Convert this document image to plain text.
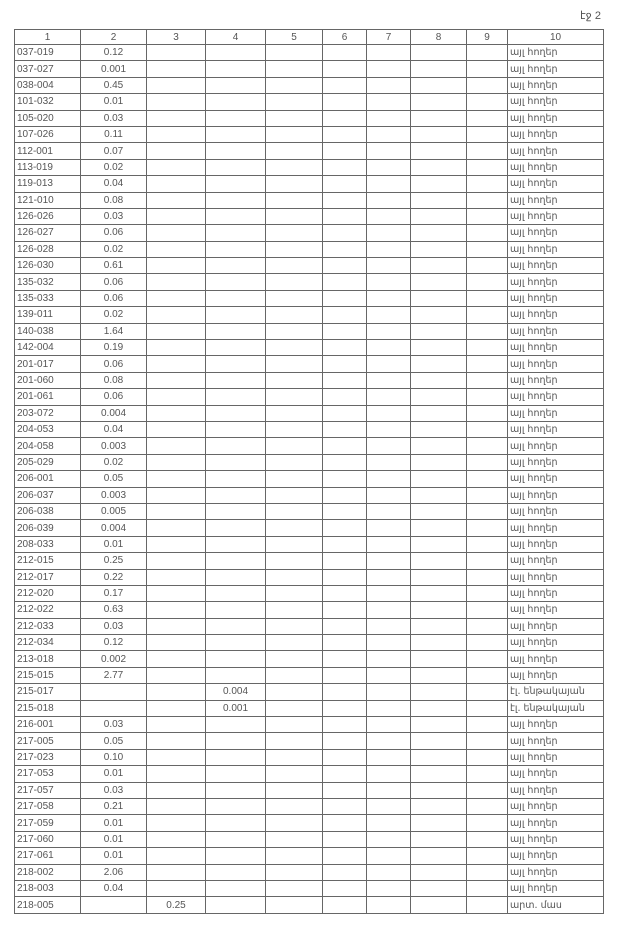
էջ 2
1	2	3	4	5	6	7	8	9	10
037-019	0.12								այլ հողեր
037-027	0.001								այլ հողեր
038-004	0.45								այլ հողեր
101-032	0.01								այլ հողեր
105-020	0.03								այլ հողեր
107-026	0.11								այլ հողեր
112-001	0.07								այլ հողեր
113-019	0.02								այլ հողեր
119-013	0.04								այլ հողեր
121-010	0.08								այլ հողեր
126-026	0.03								այլ հողեր
126-027	0.06								այլ հողեր
126-028	0.02								այլ հողեր
126-030	0.61								այլ հողեր
135-032	0.06								այլ հողեր
135-033	0.06								այլ հողեր
139-011	0.02								այլ հողեր
140-038	1.64								այլ հողեր
142-004	0.19								այլ հողեր
201-017	0.06								այլ հողեր
201-060	0.08								այլ հողեր
201-061	0.06								այլ հողեր
203-072	0.004								այլ հողեր
204-053	0.04								այլ հողեր
204-058	0.003								այլ հողեր
205-029	0.02								այլ հողեր
206-001	0.05								այլ հողեր
206-037	0.003								այլ հողեր
206-038	0.005								այլ հողեր
206-039	0.004								այլ հողեր
208-033	0.01								այլ հողեր
212-015	0.25								այլ հողեր
212-017	0.22								այլ հողեր
212-020	0.17								այլ հողեր
212-022	0.63								այլ հողեր
212-033	0.03								այլ հողեր
212-034	0.12								այլ հողեր
213-018	0.002								այլ հողեր
215-015	2.77								այլ հողեր
215-017			0.004						էլ. ենթակայան
215-018			0.001						էլ. ենթակայան
216-001	0.03								այլ հողեր
217-005	0.05								այլ հողեր
217-023	0.10								այլ հողեր
217-053	0.01								այլ հողեր
217-057	0.03								այլ հողեր
217-058	0.21								այլ հողեր
217-059	0.01								այլ հողեր
217-060	0.01								այլ հողեր
217-061	0.01								այլ հողեր
218-002	2.06								այլ հողեր
218-003	0.04								այլ հողեր
218-005		0.25							արտ. մաս
